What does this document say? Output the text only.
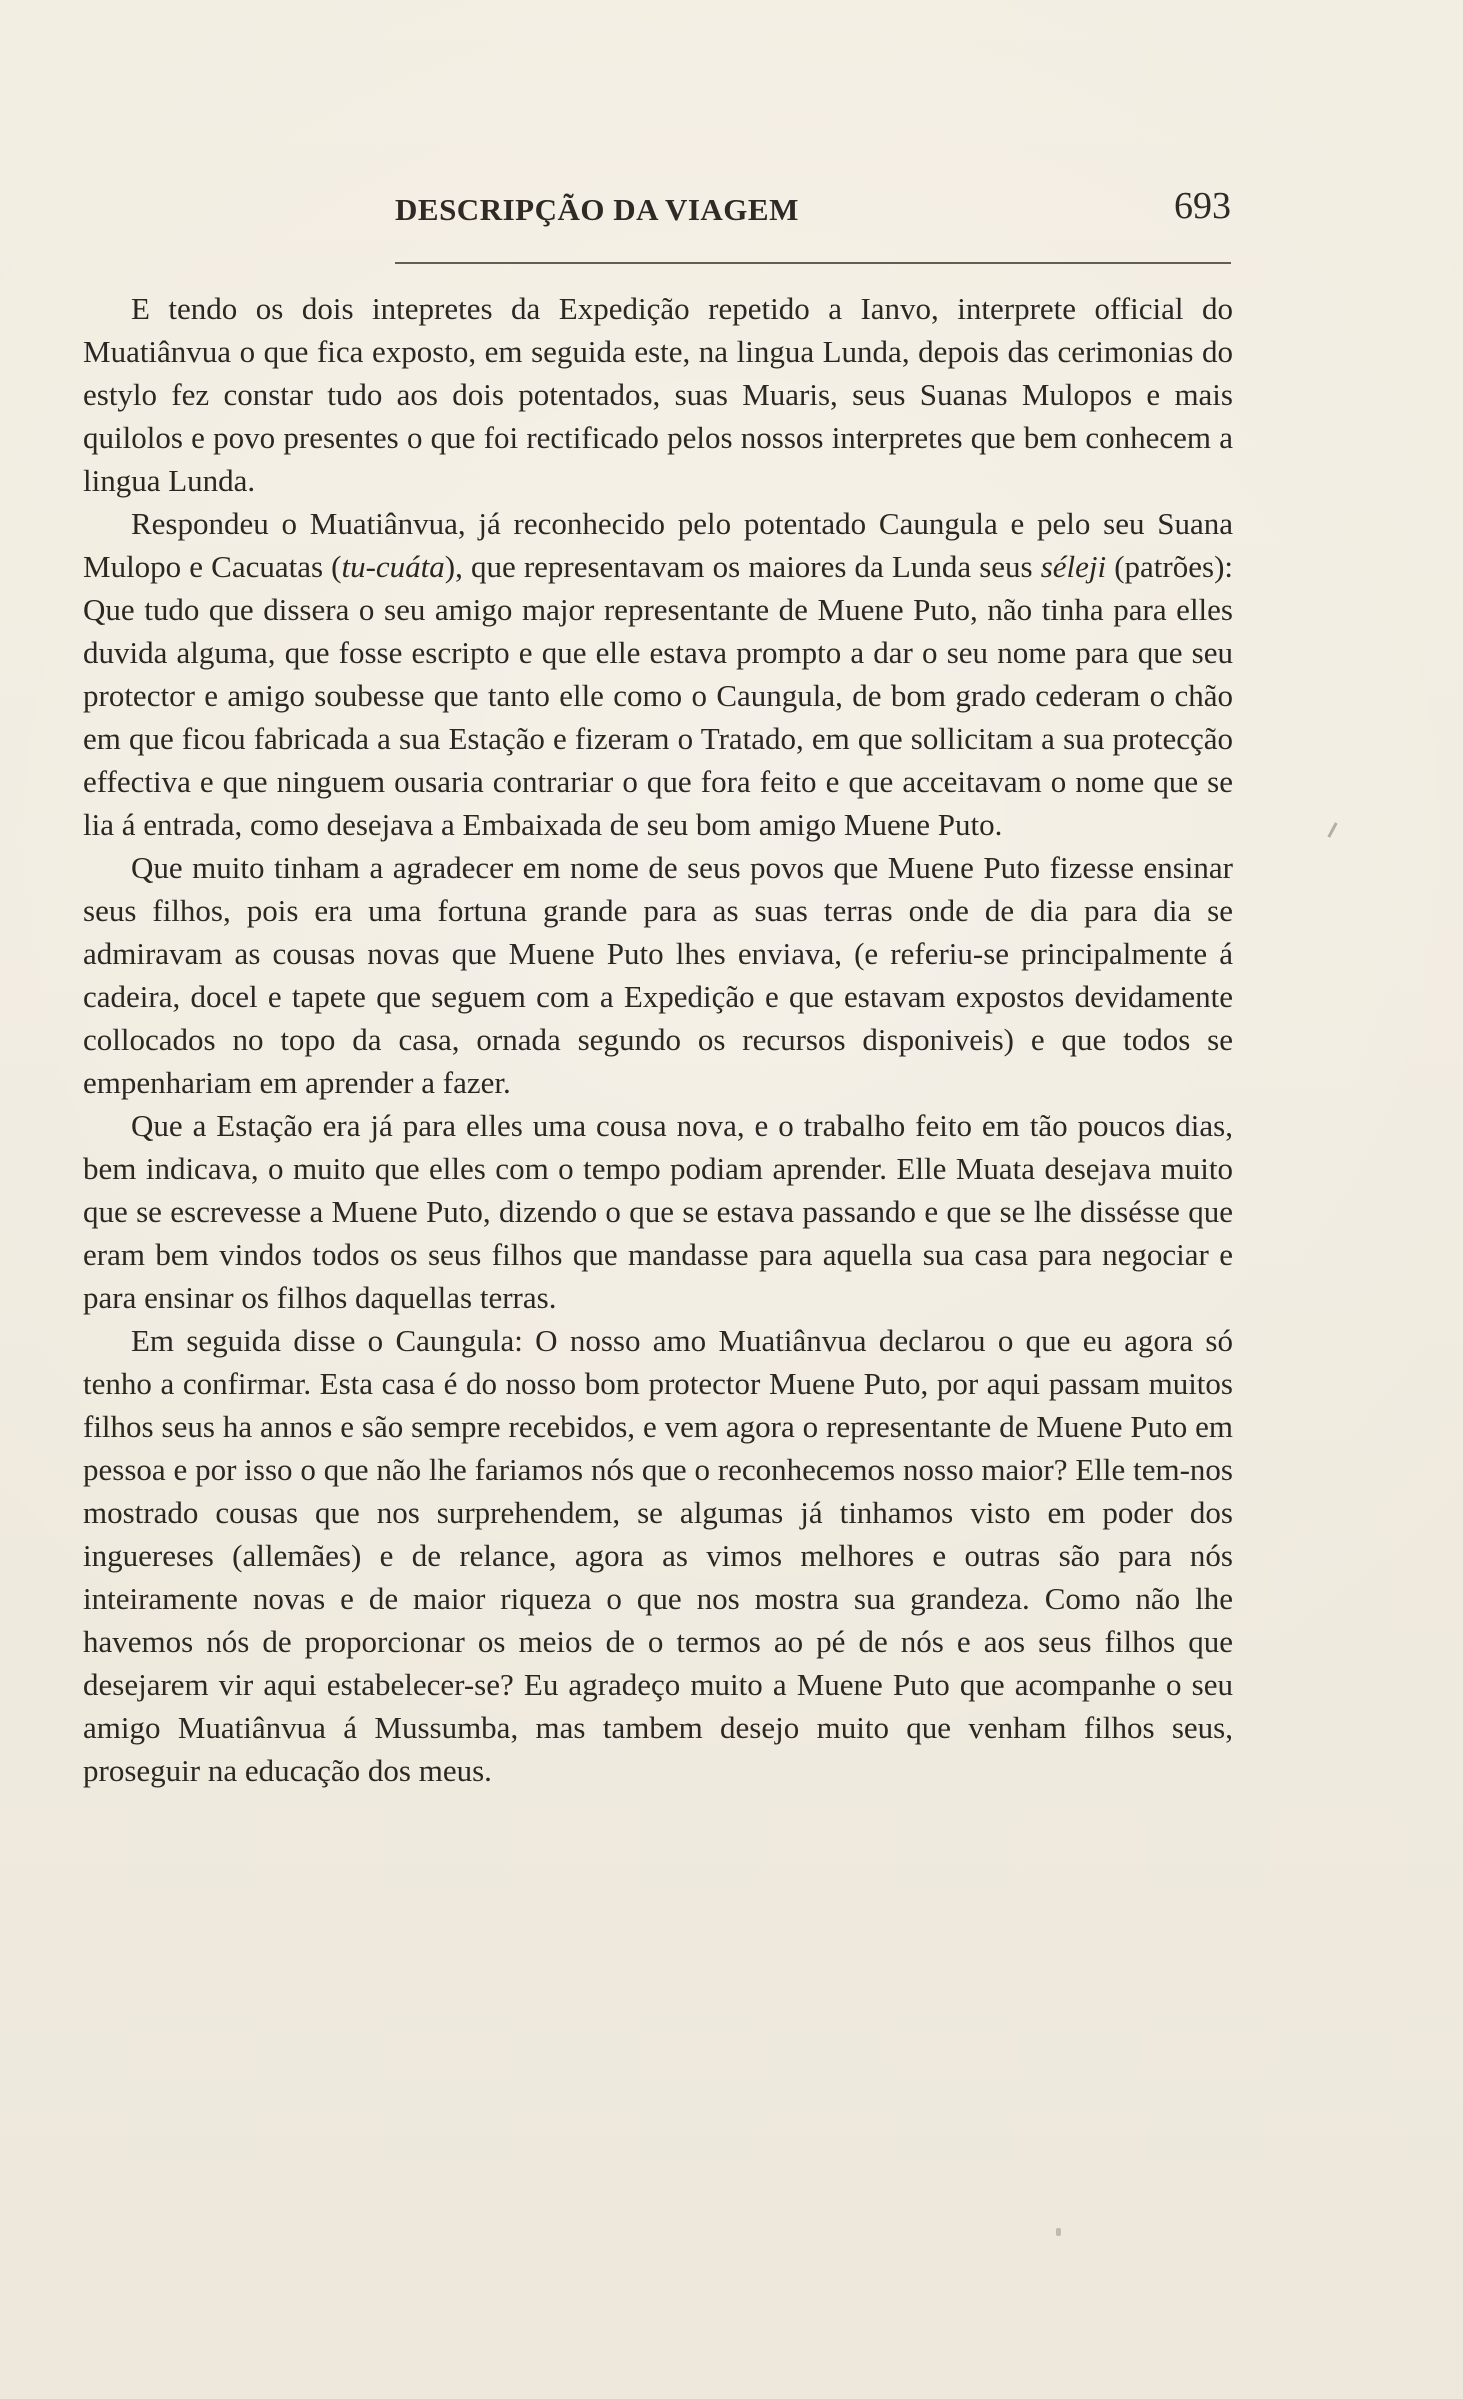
DESCRIPÇÃO DA VIAGEM	693

E tendo os dois intepretes da Expedição repetido a Ianvo, interprete official do Muatiânvua o que fica exposto, em seguida este, na lingua Lunda, depois das cerimonias do estylo fez constar tudo aos dois potentados, suas Muaris, seus Suanas Mulopos e mais quilolos e povo presentes o que foi rectificado pelos nossos interpretes que bem conhecem a lingua Lunda.

Respondeu o Muatiânvua, já reconhecido pelo potentado Caungula e pelo seu Suana Mulopo e Cacuatas (tu-cuáta), que representavam os maiores da Lunda seus séleji (patrões): Que tudo que dissera o seu amigo major representante de Muene Puto, não tinha para elles duvida alguma, que fosse escripto e que elle estava prompto a dar o seu nome para que seu protector e amigo soubesse que tanto elle como o Caungula, de bom grado cederam o chão em que ficou fabricada a sua Estação e fizeram o Tratado, em que sollicitam a sua protecção effectiva e que ninguem ousaria contrariar o que fora feito e que acceitavam o nome que se lia á entrada, como desejava a Embaixada de seu bom amigo Muene Puto.

Que muito tinham a agradecer em nome de seus povos que Muene Puto fizesse ensinar seus filhos, pois era uma fortuna grande para as suas terras onde de dia para dia se admiravam as cousas novas que Muene Puto lhes enviava, (e referiu-se principalmente á cadeira, docel e tapete que seguem com a Expedição e que estavam expostos devidamente collocados no topo da casa, ornada segundo os recursos disponiveis) e que todos se empenhariam em aprender a fazer.

Que a Estação era já para elles uma cousa nova, e o trabalho feito em tão poucos dias, bem indicava, o muito que elles com o tempo podiam aprender. Elle Muata desejava muito que se escrevesse a Muene Puto, dizendo o que se estava passando e que se lhe dissésse que eram bem vindos todos os seus filhos que mandasse para aquella sua casa para negociar e para ensinar os filhos daquellas terras.

Em seguida disse o Caungula: O nosso amo Muatiânvua declarou o que eu agora só tenho a confirmar. Esta casa é do nosso bom protector Muene Puto, por aqui passam muitos filhos seus ha annos e são sempre recebidos, e vem agora o representante de Muene Puto em pessoa e por isso o que não lhe fariamos nós que o reconhecemos nosso maior? Elle tem-nos mostrado cousas que nos surprehendem, se algumas já tinhamos visto em poder dos inguereses (allemães) e de relance, agora as vimos melhores e outras são para nós inteiramente novas e de maior riqueza o que nos mostra sua grandeza. Como não lhe havemos nós de proporcionar os meios de o termos ao pé de nós e aos seus filhos que desejarem vir aqui estabelecer-se? Eu agradeço muito a Muene Puto que acompanhe o seu amigo Muatiânvua á Mussumba, mas tambem desejo muito que venham filhos seus, proseguir na educação dos meus.
